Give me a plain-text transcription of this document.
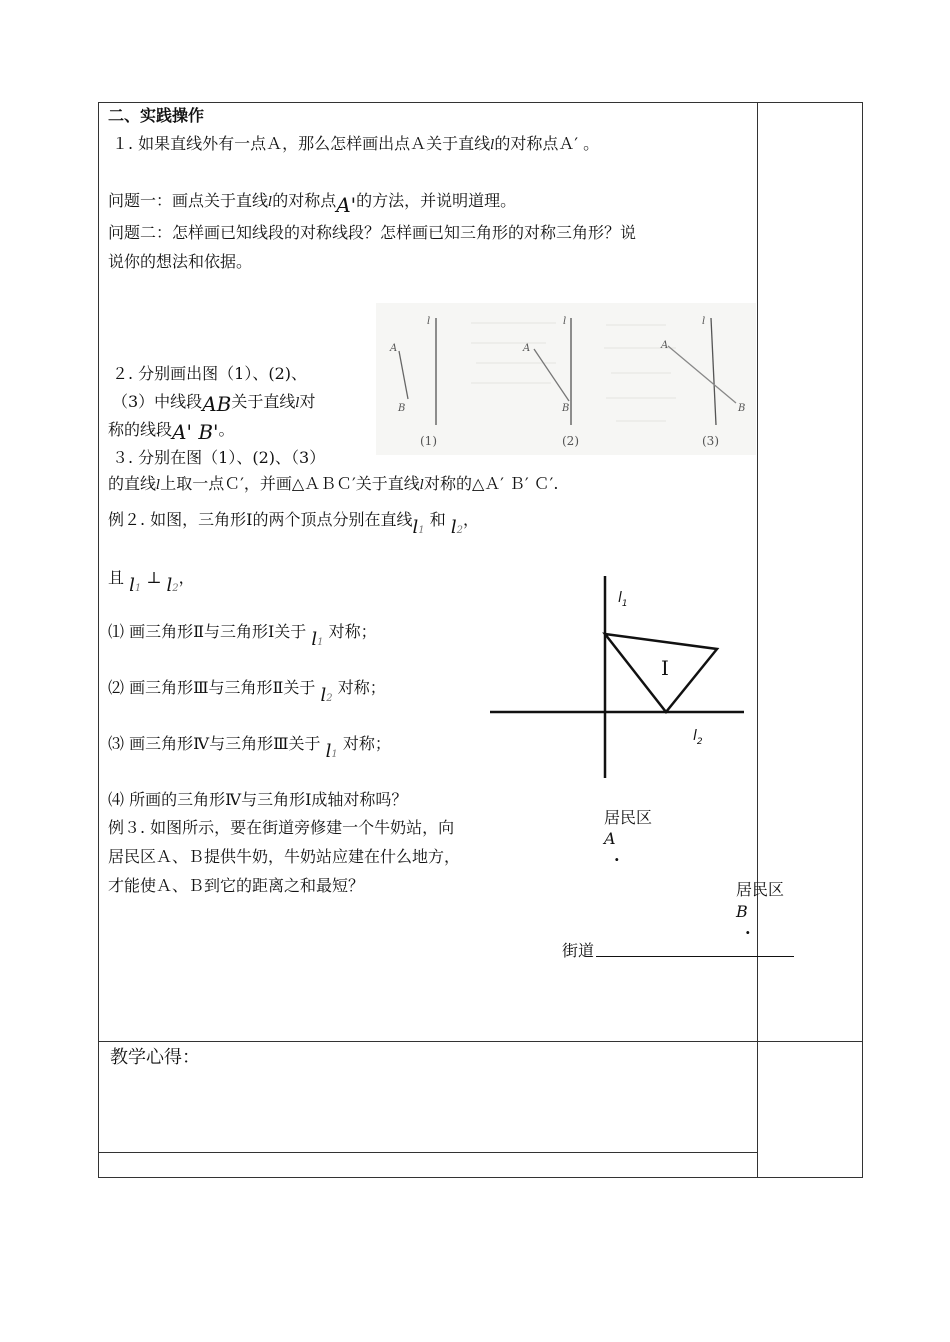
二、实践操作
１. 如果直线外有一点Ａ，那么怎样画出点Ａ关于直线l的对称点Ａ′ 。
问题一：画点关于直线l的对称点A'的方法，并说明道理。
问题二：怎样画已知线段的对称线段？怎样画已知三角形的对称三角形？说
说你的想法和依据。
２. 分别画出图（1）、(2)、
（3）中线段AB关于直线l对
称的线段A' B'。
l
A
B
(1)
l
A
B
(2)
l
A
B
(3)
３. 分别在图（1）、(2)、（3）
的直线l上取一点Ｃ′，并画△ＡＢＣ′关于直线l对称的△Ａ′ Ｂ′ Ｃ′.
例２. 如图，三角形Ⅰ的两个顶点分别在直线l1 和 l2，
且 l1 ⊥ l2，
⑴ 画三角形Ⅱ与三角形Ⅰ关于 l1 对称；
⑵ 画三角形Ⅲ与三角形Ⅱ关于 l2 对称；
⑶ 画三角形Ⅳ与三角形Ⅲ关于 l1 对称；
⑷ 所画的三角形Ⅳ与三角形Ⅰ成轴对称吗？
$l_1$
$l_2$
I
例３. 如图所示，要在街道旁修建一个牛奶站，向
居民区Ａ、Ｂ提供牛奶，牛奶站应建在什么地方，
才能使Ａ、Ｂ到它的距离之和最短？
居民区
A
.
居民区
B
.
街道
教学心得：
